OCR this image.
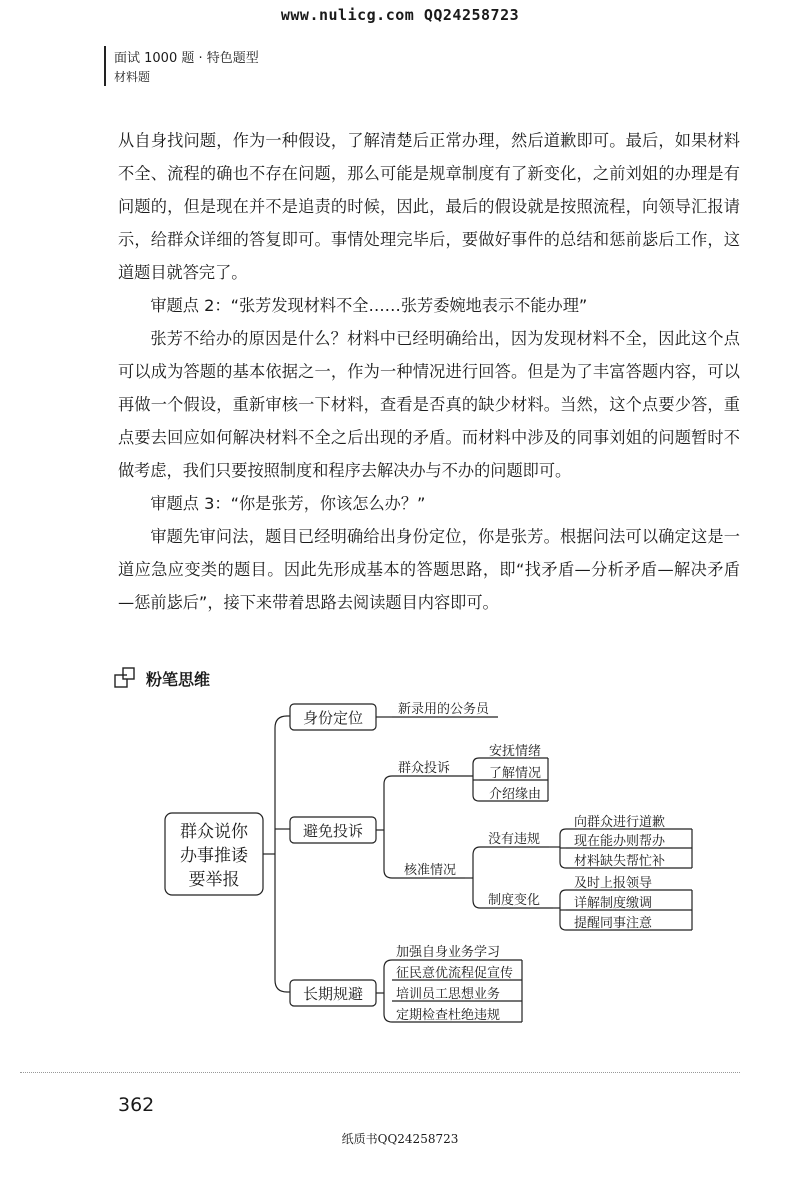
www.nulicg.com QQ24258723
面试 1000 题 · 特色题型
材料题

从自身找问题，作为一种假设，了解清楚后正常办理，然后道歉即可。最后，如果材料不全、流程的确也不存在问题，那么可能是规章制度有了新变化，之前刘姐的办理是有问题的，但是现在并不是追责的时候，因此，最后的假设就是按照流程，向领导汇报请示，给群众详细的答复即可。事情处理完毕后，要做好事件的总结和惩前毖后工作，这道题目就答完了。

审题点 2：“张芳发现材料不全……张芳委婉地表示不能办理”

张芳不给办的原因是什么？材料中已经明确给出，因为发现材料不全，因此这个点可以成为答题的基本依据之一，作为一种情况进行回答。但是为了丰富答题内容，可以再做一个假设，重新审核一下材料，查看是否真的缺少材料。当然，这个点要少答，重点要去回应如何解决材料不全之后出现的矛盾。而材料中涉及的同事刘姐的问题暂时不做考虑，我们只要按照制度和程序去解决办与不办的问题即可。

审题点 3：“你是张芳，你该怎么办？”

审题先审问法，题目已经明确给出身份定位，你是张芳。根据问法可以确定这是一道应急应变类的题目。因此先形成基本的答题思路，即“找矛盾—分析矛盾—解决矛盾—惩前毖后”，接下来带着思路去阅读题目内容即可。

粉笔思维
群众说你
办事推诿
要举报
身份定位
避免投诉
长期规避
新录用的公务员
群众投诉
核准情况
安抚情绪
了解情况
介绍缘由
没有违规
制度变化
向群众进行道歉
现在能办则帮办
材料缺失帮忙补
及时上报领导
详解制度缴调
提醒同事注意
加强自身业务学习
征民意优流程促宣传
培训员工思想业务
定期检查杜绝违规
362
纸质书QQ24258723
